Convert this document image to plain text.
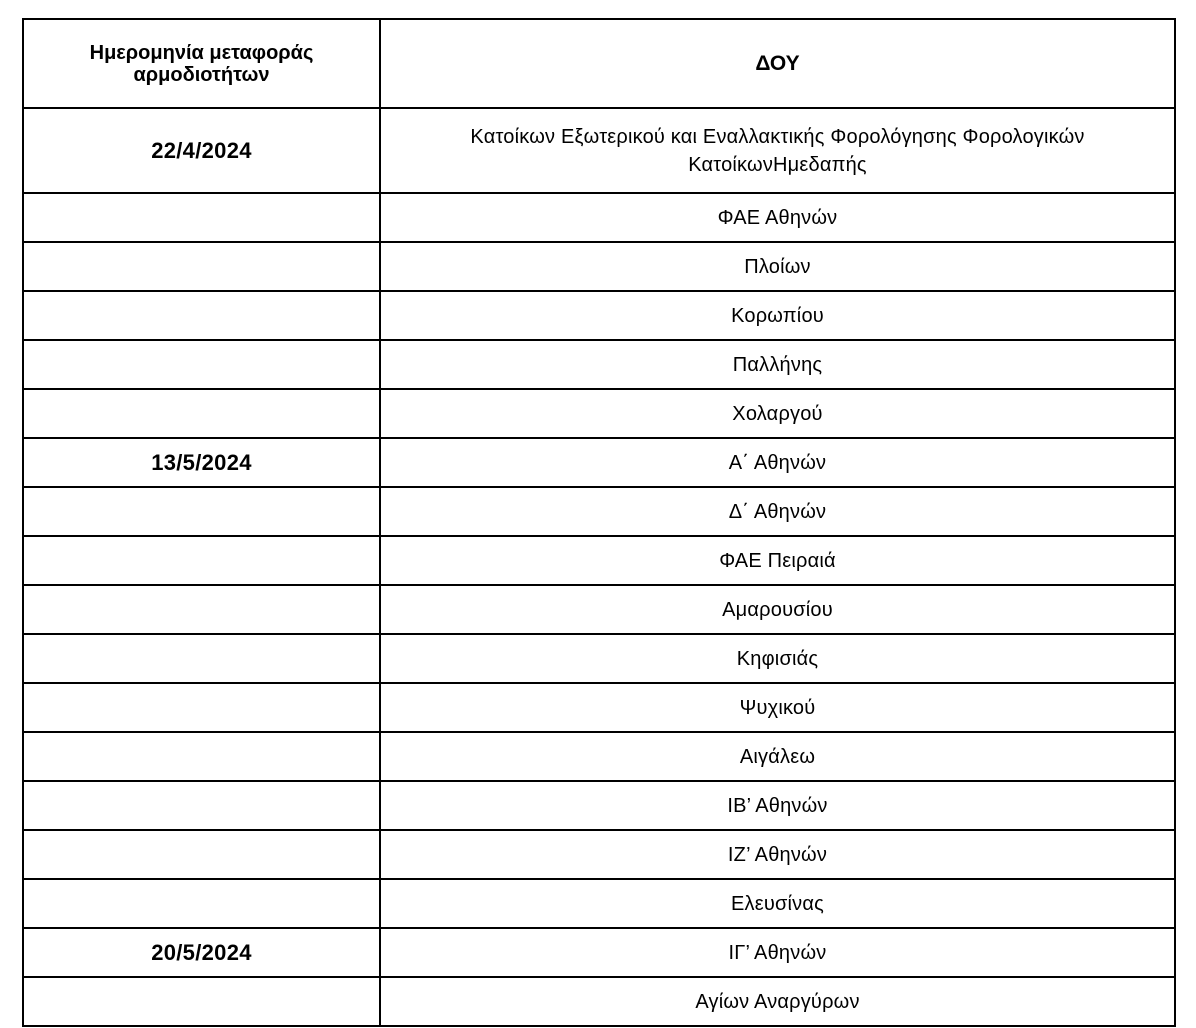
Ημερομηνία μεταφοράς
αρμοδιοτήτων	ΔΟΥ
22/4/2024	Κατοίκων Εξωτερικού και Εναλλακτικής Φορολόγησης Φορολογικών ΚατοίκωνΗμεδαπής
	ΦΑΕ Αθηνών
	Πλοίων
	Κορωπίου
	Παλλήνης
	Χολαργού
13/5/2024	Α΄ Αθηνών
	Δ΄ Αθηνών
	ΦΑΕ Πειραιά
	Αμαρουσίου
	Κηφισιάς
	Ψυχικού
	Αιγάλεω
	ΙΒ’ Αθηνών
	ΙΖ’ Αθηνών
	Ελευσίνας
20/5/2024	ΙΓ’ Αθηνών
	Αγίων Αναργύρων
